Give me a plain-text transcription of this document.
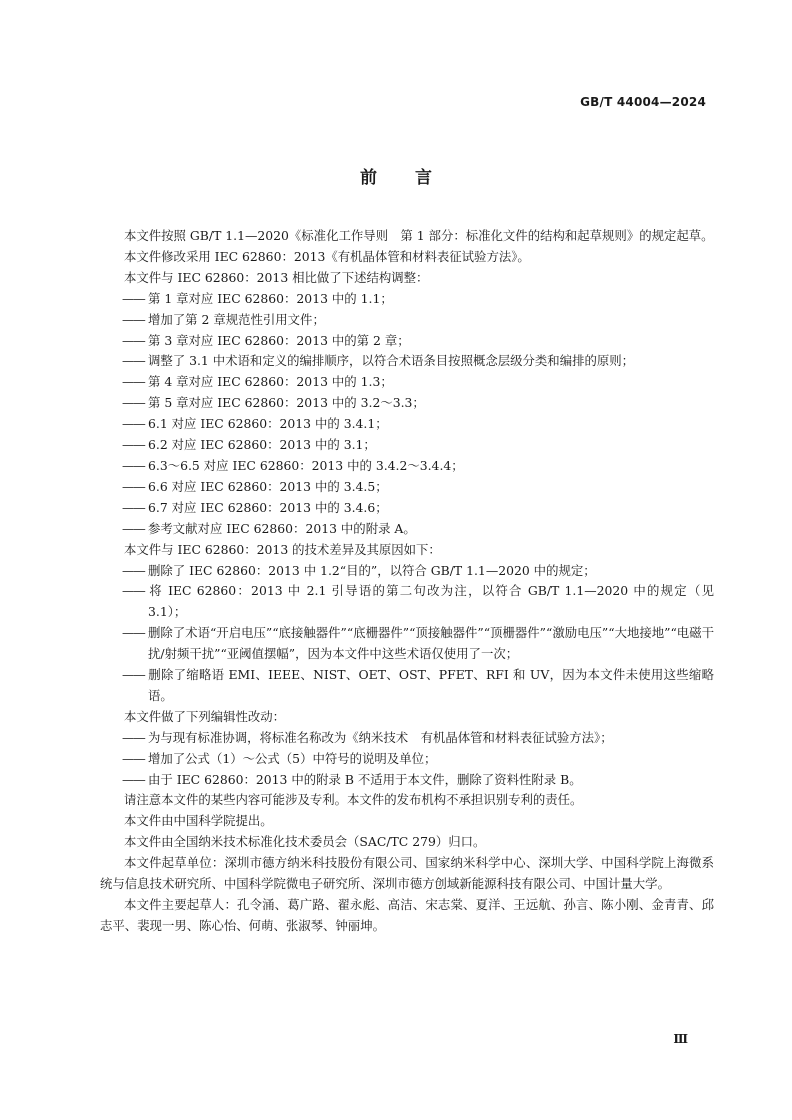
GB/T 44004—2024
前言

本文件按照 GB/T 1.1—2020《标准化工作导则　第 1 部分：标准化文件的结构和起草规则》的规定起草。

本文件修改采用 IEC 62860：2013《有机晶体管和材料表征试验方法》。

本文件与 IEC 62860：2013 相比做了下述结构调整：

—— 第 1 章对应 IEC 62860：2013 中的 1.1；

—— 增加了第 2 章规范性引用文件；

—— 第 3 章对应 IEC 62860：2013 中的第 2 章；

—— 调整了 3.1 中术语和定义的编排顺序，以符合术语条目按照概念层级分类和编排的原则；

—— 第 4 章对应 IEC 62860：2013 中的 1.3；

—— 第 5 章对应 IEC 62860：2013 中的 3.2～3.3；

—— 6.1 对应 IEC 62860：2013 中的 3.4.1；

—— 6.2 对应 IEC 62860：2013 中的 3.1；

—— 6.3～6.5 对应 IEC 62860：2013 中的 3.4.2～3.4.4；

—— 6.6 对应 IEC 62860：2013 中的 3.4.5；

—— 6.7 对应 IEC 62860：2013 中的 3.4.6；

—— 参考文献对应 IEC 62860：2013 中的附录 A。

本文件与 IEC 62860：2013 的技术差异及其原因如下：

—— 删除了 IEC 62860：2013 中 1.2“目的”，以符合 GB/T 1.1—2020 中的规定；

—— 将 IEC 62860：2013 中 2.1 引导语的第二句改为注，以符合 GB/T 1.1—2020 中的规定（见 3.1）；

—— 删除了术语“开启电压”“底接触器件”“底栅器件”“顶接触器件”“顶栅器件”“激励电压”“大地接地”“电磁干扰/射频干扰”“亚阈值摆幅”，因为本文件中这些术语仅使用了一次；

—— 删除了缩略语 EMI、IEEE、NIST、OET、OST、PFET、RFI 和 UV，因为本文件未使用这些缩略语。

本文件做了下列编辑性改动：

—— 为与现有标准协调，将标准名称改为《纳米技术　有机晶体管和材料表征试验方法》；

—— 增加了公式（1）～公式（5）中符号的说明及单位；

—— 由于 IEC 62860：2013 中的附录 B 不适用于本文件，删除了资料性附录 B。

请注意本文件的某些内容可能涉及专利。本文件的发布机构不承担识别专利的责任。

本文件由中国科学院提出。

本文件由全国纳米技术标准化技术委员会（SAC/TC 279）归口。

本文件起草单位：深圳市德方纳米科技股份有限公司、国家纳米科学中心、深圳大学、中国科学院上海微系统与信息技术研究所、中国科学院微电子研究所、深圳市德方创域新能源科技有限公司、中国计量大学。

本文件主要起草人：孔令涌、葛广路、翟永彪、高洁、宋志棠、夏洋、王远航、孙言、陈小刚、金青青、邱志平、裴现一男、陈心怡、何萌、张淑琴、钟丽坤。

Ⅲ
